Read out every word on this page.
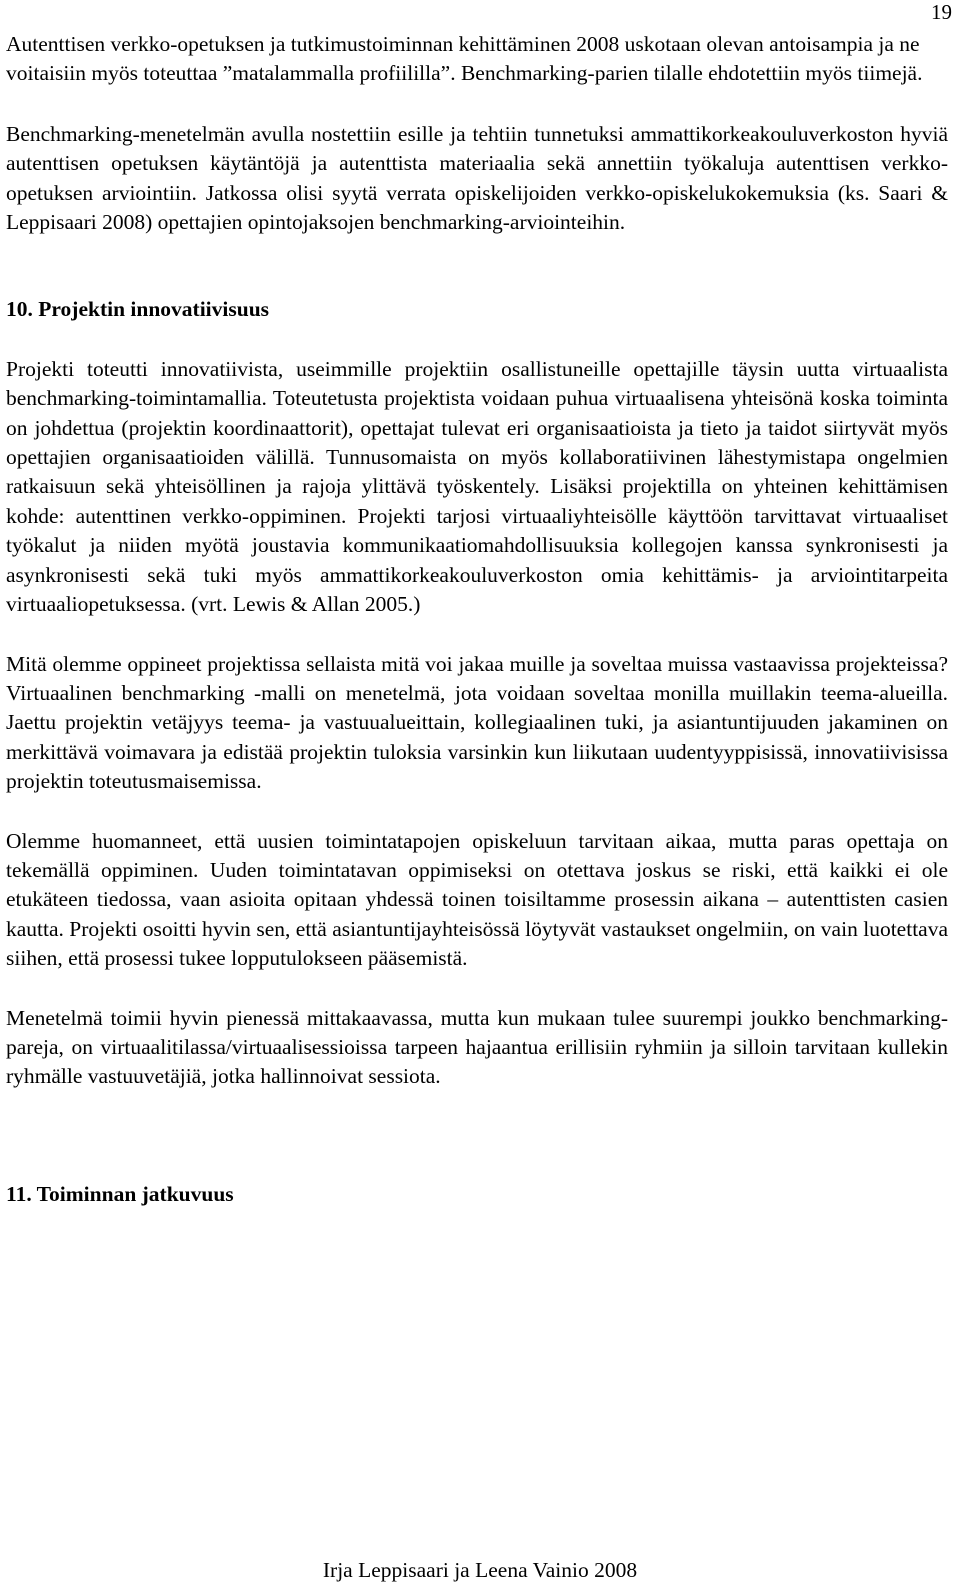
19

Autenttisen verkko-opetuksen ja tutkimustoiminnan kehittäminen 2008 uskotaan olevan antoisampia ja ne voitaisiin myös toteuttaa ”matalammalla profiililla”. Benchmarking-parien tilalle ehdotettiin myös tiimejä.

Benchmarking-menetelmän avulla nostettiin esille ja tehtiin tunnetuksi ammattikorkeakouluverkoston hyviä autenttisen opetuksen käytäntöjä ja autenttista materiaalia sekä annettiin työkaluja autenttisen verkko-opetuksen arviointiin. Jatkossa olisi syytä verrata opiskelijoiden verkko-opiskelukokemuksia (ks. Saari & Leppisaari 2008) opettajien opintojaksojen benchmarking-arviointeihin.

10. Projektin innovatiivisuus

Projekti toteutti innovatiivista, useimmille projektiin osallistuneille opettajille täysin uutta virtuaalista benchmarking-toimintamallia. Toteutetusta projektista voidaan puhua virtuaalisena yhteisönä koska toiminta on johdettua (projektin koordinaattorit), opettajat tulevat eri organisaatioista ja tieto ja taidot siirtyvät myös opettajien organisaatioiden välillä. Tunnusomaista on myös kollaboratiivinen lähestymistapa ongelmien ratkaisuun sekä yhteisöllinen ja rajoja ylittävä työskentely. Lisäksi projektilla on yhteinen kehittämisen kohde: autenttinen verkko-oppiminen. Projekti tarjosi virtuaaliyhteisölle käyttöön tarvittavat virtuaaliset työkalut ja niiden myötä joustavia kommunikaatiomahdollisuuksia kollegojen kanssa synkronisesti ja asynkronisesti sekä tuki myös ammattikorkeakouluverkoston omia kehittämis- ja arviointitarpeita virtuaaliopetuksessa. (vrt. Lewis & Allan 2005.)

Mitä olemme oppineet projektissa sellaista mitä voi jakaa muille ja soveltaa muissa vastaavissa projekteissa? Virtuaalinen benchmarking -malli on menetelmä, jota voidaan soveltaa monilla muillakin teema-alueilla. Jaettu projektin vetäjyys teema- ja vastuualueittain, kollegiaalinen tuki, ja asiantuntijuuden jakaminen on merkittävä voimavara ja edistää projektin tuloksia varsinkin kun liikutaan uudentyyppisissä, innovatiivisissa projektin toteutusmaisemissa.

Olemme huomanneet, että uusien toimintatapojen opiskeluun tarvitaan aikaa, mutta paras opettaja on tekemällä oppiminen. Uuden toimintatavan oppimiseksi on otettava joskus se riski, että kaikki ei ole etukäteen tiedossa, vaan asioita opitaan yhdessä toinen toisiltamme prosessin aikana – autenttisten casien kautta. Projekti osoitti hyvin sen, että asiantuntijayhteisössä löytyvät vastaukset ongelmiin, on vain luotettava siihen, että prosessi tukee lopputulokseen pääsemistä.

Menetelmä toimii hyvin pienessä mittakaavassa, mutta kun mukaan tulee suurempi joukko benchmarking-pareja, on virtuaalitilassa/virtuaalisessioissa tarpeen hajaantua erillisiin ryhmiin ja silloin tarvitaan kullekin ryhmälle vastuuvetäjiä, jotka hallinnoivat sessiota.

11. Toiminnan jatkuvuus
Irja Leppisaari ja Leena Vainio 2008
